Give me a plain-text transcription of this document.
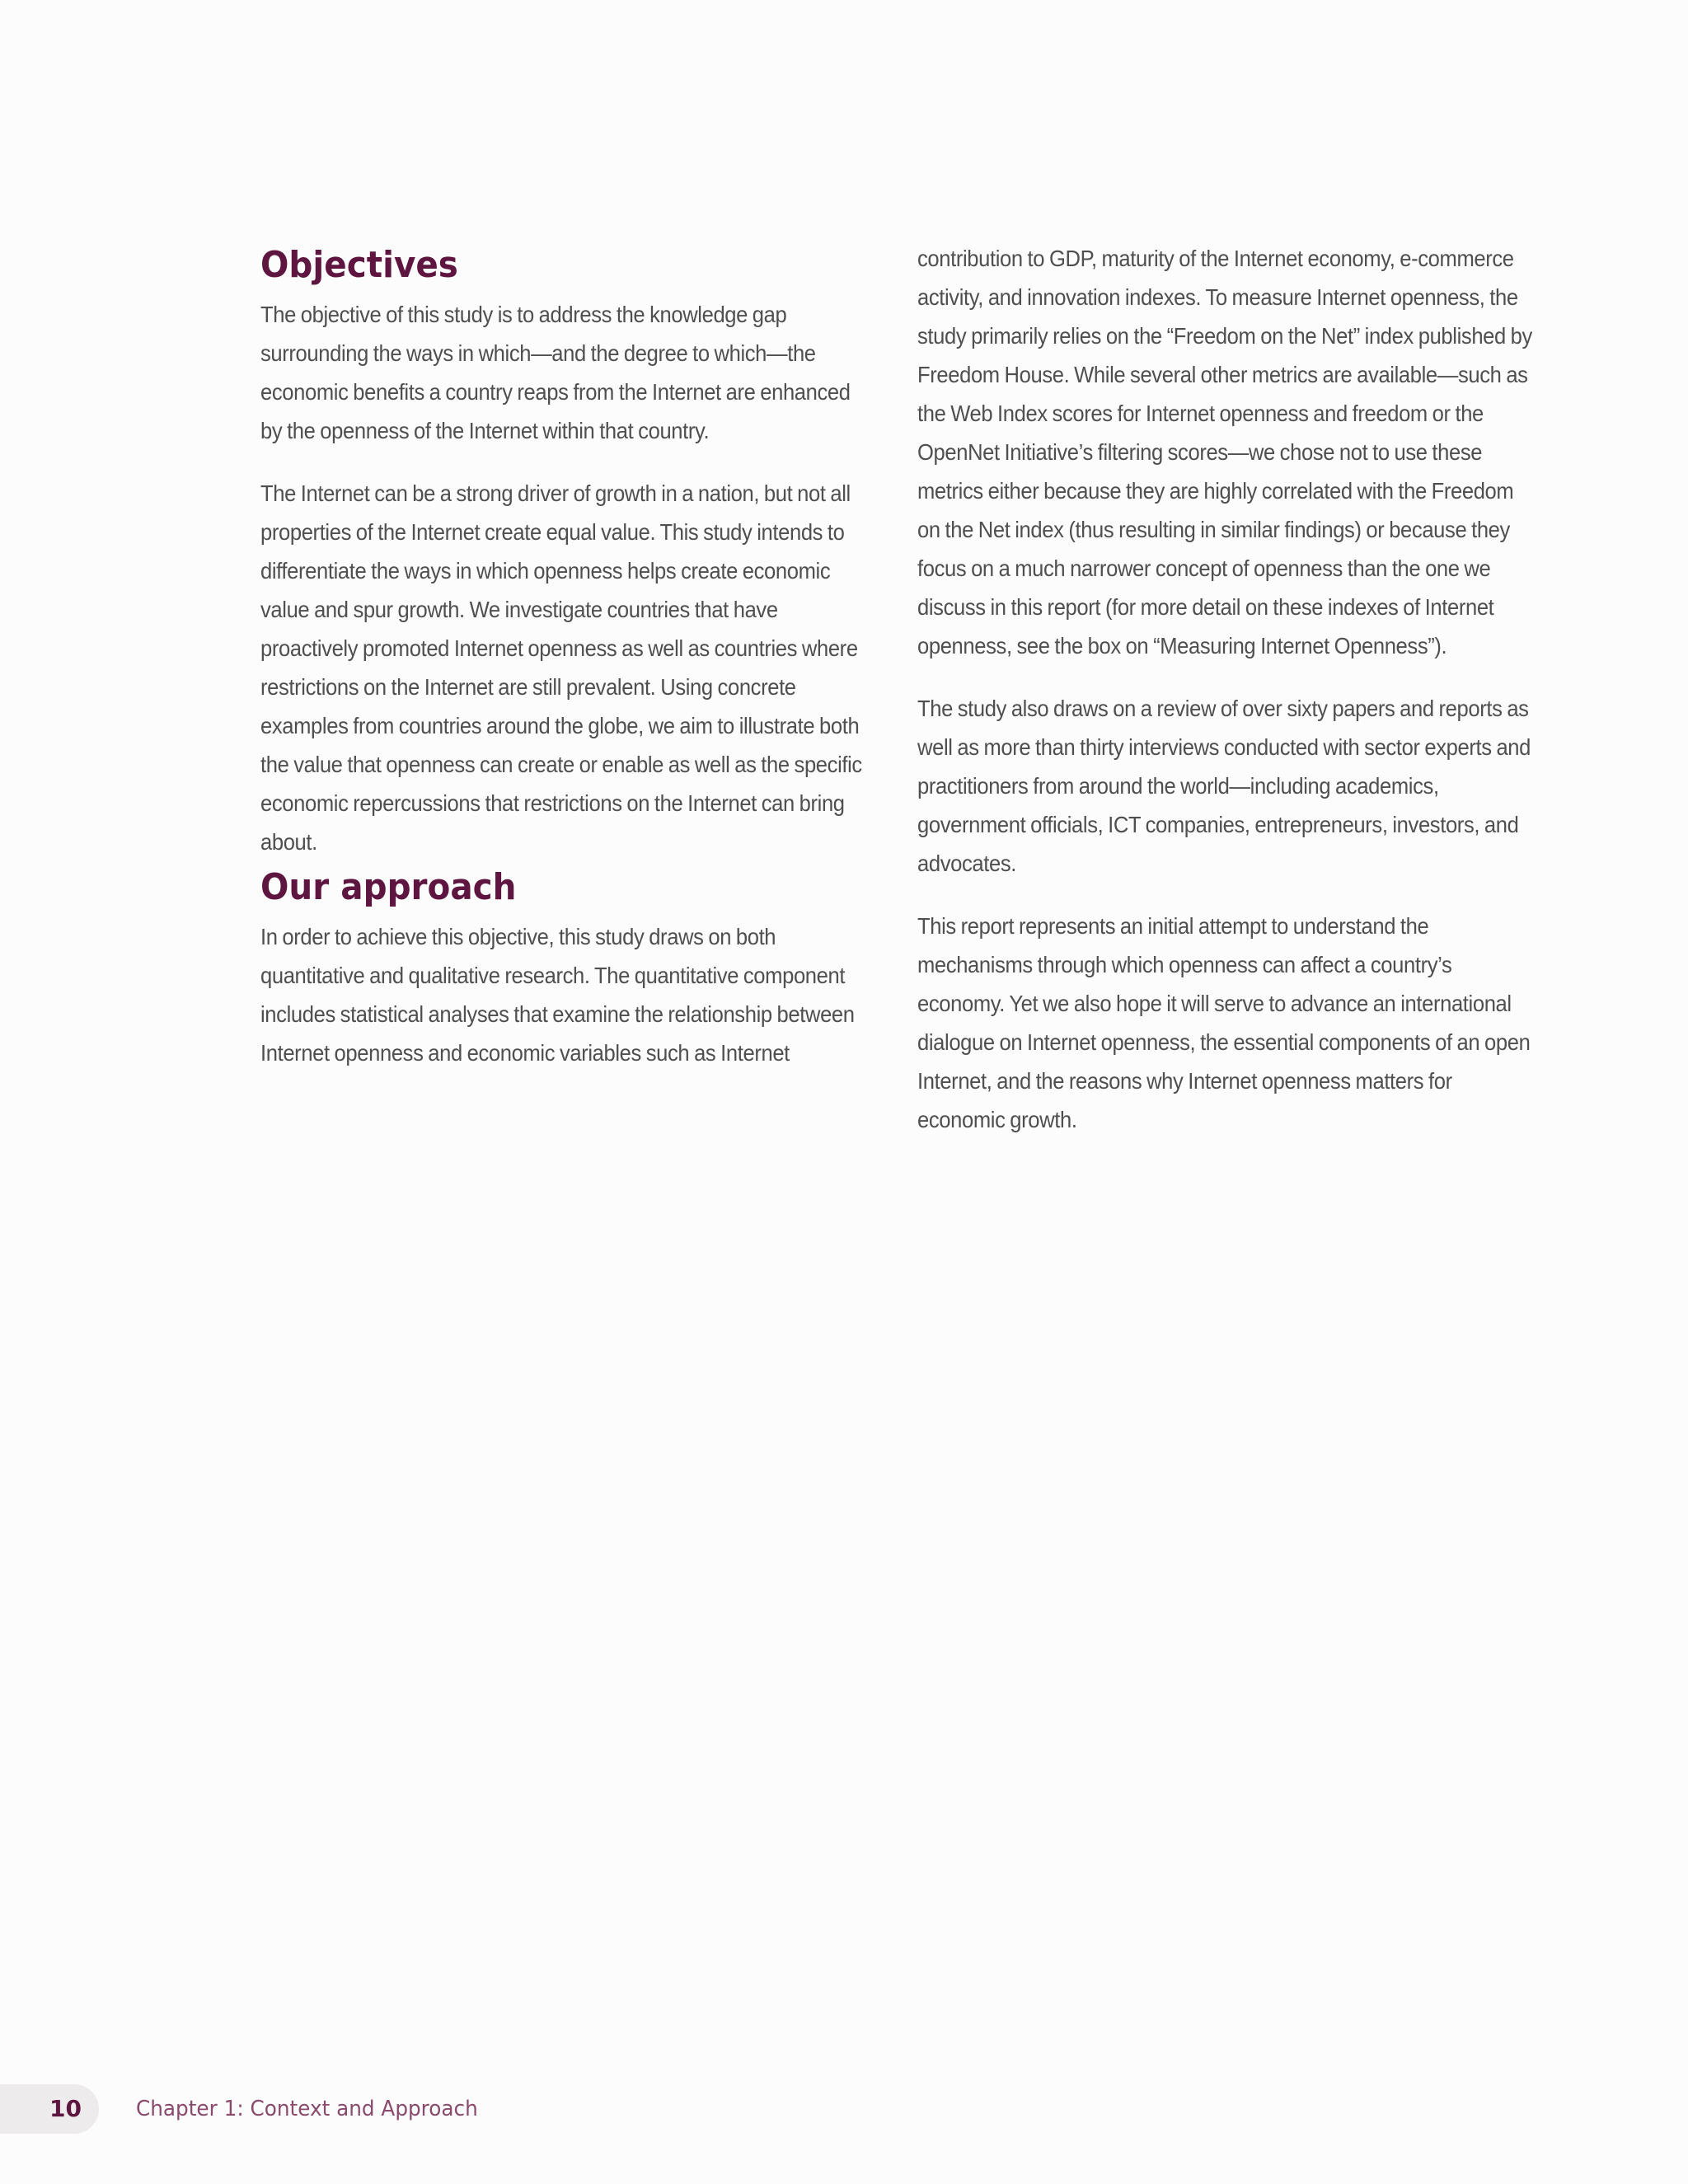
Objectives

The objective of this study is to address the knowledge gap surrounding the ways in which—and the degree to which—the economic benefits a country reaps from the Internet are enhanced by the openness of the Internet within that country.

The Internet can be a strong driver of growth in a nation, but not all properties of the Internet create equal value. This study intends to differentiate the ways in which openness helps create economic value and spur growth. We investigate countries that have proactively promoted Internet openness as well as countries where restrictions on the Internet are still prevalent. Using concrete examples from countries around the globe, we aim to illustrate both the value that openness can create or enable as well as the specific economic repercussions that restrictions on the Internet can bring about.

Our approach

In order to achieve this objective, this study draws on both quantitative and qualitative research. The quantitative component includes statistical analyses that examine the relationship between Internet openness and economic variables such as Internet

contribution to GDP, maturity of the Internet economy, e-commerce activity, and innovation indexes. To measure Internet openness, the study primarily relies on the “Freedom on the Net” index published by Freedom House. While several other metrics are available—such as the Web Index scores for Internet openness and freedom or the OpenNet Initiative’s filtering scores—we chose not to use these metrics either because they are highly correlated with the Freedom on the Net index (thus resulting in similar findings) or because they focus on a much narrower concept of openness than the one we discuss in this report (for more detail on these indexes of Internet openness, see the box on “Measuring Internet Openness”).

The study also draws on a review of over sixty papers and reports as well as more than thirty interviews conducted with sector experts and practitioners from around the world—including academics, government officials, ICT companies, entrepreneurs, investors, and advocates.

This report represents an initial attempt to understand the mechanisms through which openness can affect a country’s economy. Yet we also hope it will serve to advance an international dialogue on Internet openness, the essential components of an open Internet, and the reasons why Internet openness matters for economic growth.

10	Chapter 1: Context and Approach
